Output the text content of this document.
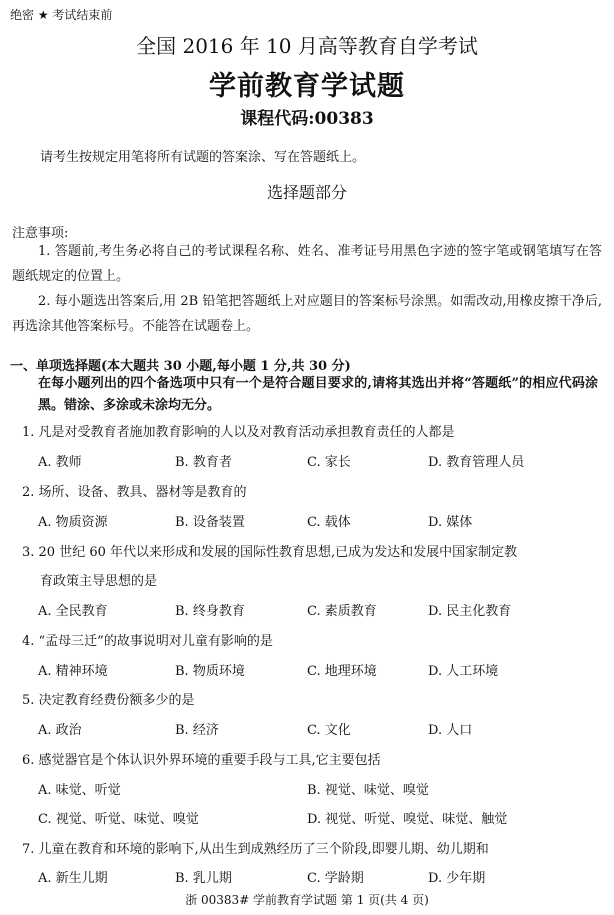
绝密 ★ 考试结束前
全国 2016 年 10 月高等教育自学考试
学前教育学试题
课程代码:00383
请考生按规定用笔将所有试题的答案涂、写在答题纸上。
选择题部分
注意事项:
1. 答题前,考生务必将自己的考试课程名称、姓名、准考证号用黑色字迹的签字笔或钢笔填写在答题纸规定的位置上。
2. 每小题选出答案后,用 2B 铅笔把答题纸上对应题目的答案标号涂黑。如需改动,用橡皮擦干净后,再选涂其他答案标号。不能答在试题卷上。
一、单项选择题(本大题共 30 小题,每小题 1 分,共 30 分)
在每小题列出的四个备选项中只有一个是符合题目要求的,请将其选出并将“答题纸”的相应代码涂黑。错涂、多涂或未涂均无分。
1. 凡是对受教育者施加教育影响的人以及对教育活动承担教育责任的人都是
A. 教师	B. 教育者	C. 家长	D. 教育管理人员
2. 场所、设备、教具、器材等是教育的
A. 物质资源	B. 设备装置	C. 载体	D. 媒体
3. 20 世纪 60 年代以来形成和发展的国际性教育思想,已成为发达和发展中国家制定教
育政策主导思想的是
A. 全民教育	B. 终身教育	C. 素质教育	D. 民主化教育
4. “孟母三迁”的故事说明对儿童有影响的是
A. 精神环境	B. 物质环境	C. 地理环境	D. 人工环境
5. 决定教育经费份额多少的是
A. 政治	B. 经济	C. 文化	D. 人口
6. 感觉器官是个体认识外界环境的重要手段与工具,它主要包括
A. 味觉、听觉	B. 视觉、味觉、嗅觉
C. 视觉、听觉、味觉、嗅觉	D. 视觉、听觉、嗅觉、味觉、触觉
7. 儿童在教育和环境的影响下,从出生到成熟经历了三个阶段,即婴儿期、幼儿期和
A. 新生儿期	B. 乳儿期	C. 学龄期	D. 少年期
浙 00383# 学前教育学试题 第 1 页(共 4 页)
